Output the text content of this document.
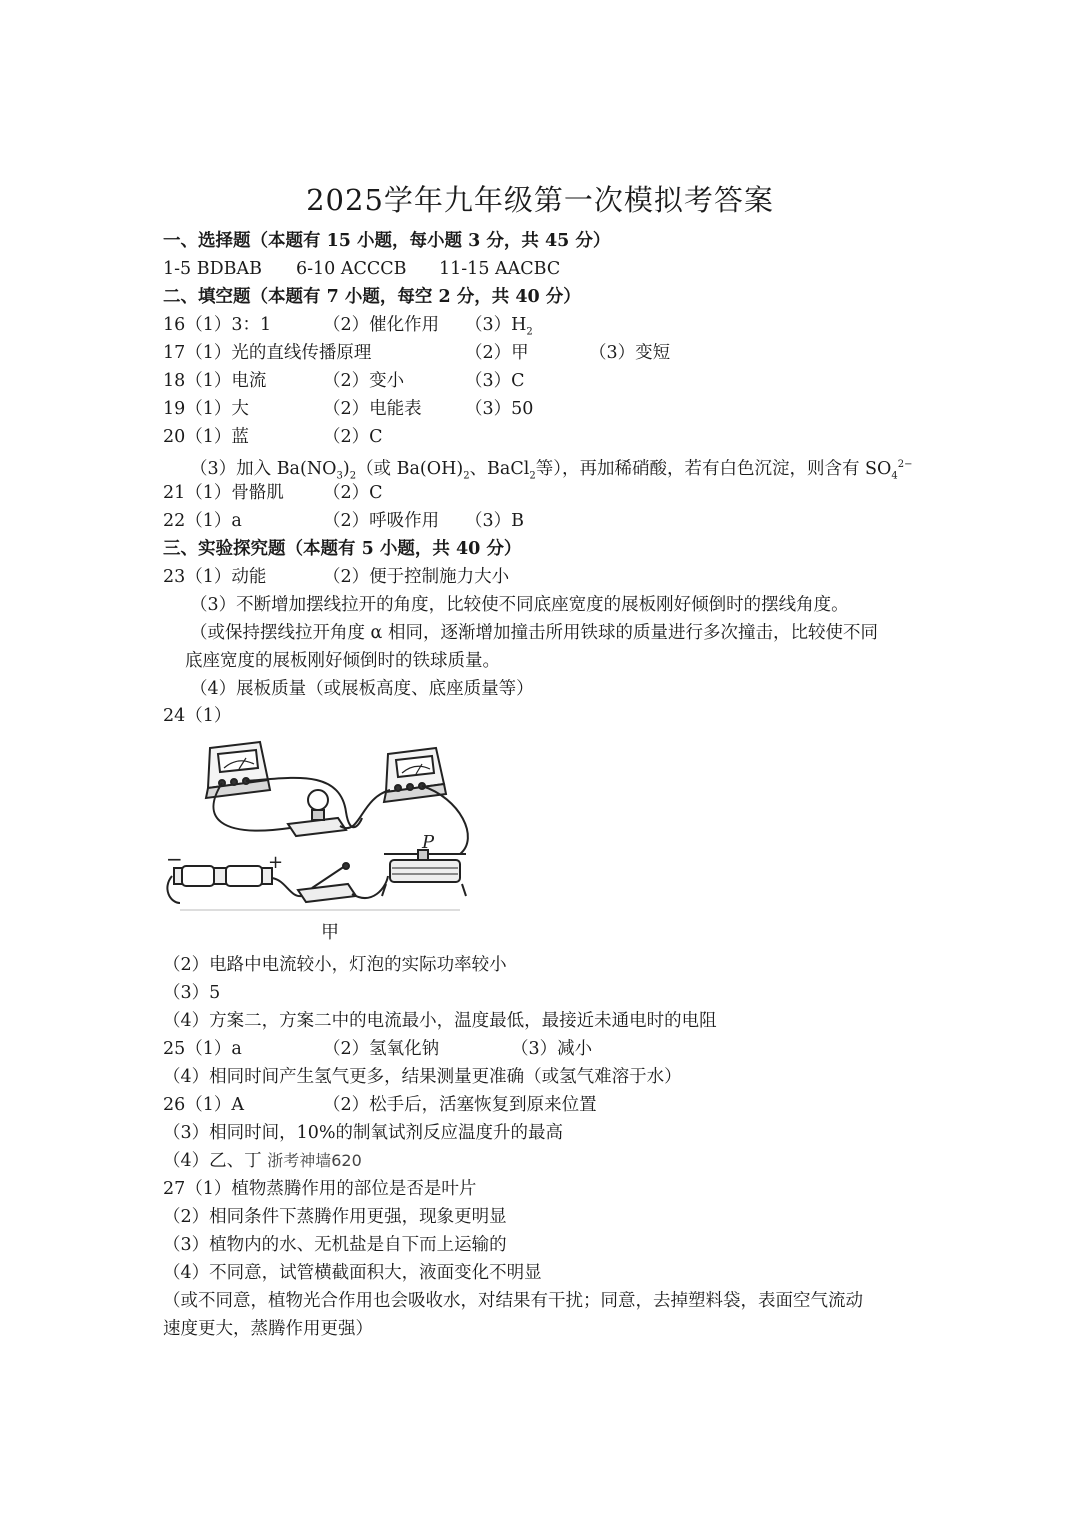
2025学年九年级第一次模拟考答案
一、选择题（本题有 15 小题，每小题 3 分，共 45 分）
1-5 BDBAB 6-10 ACCCB 11-15 AACBC
二、填空题（本题有 7 小题，每空 2 分，共 40 分）
16（1）3：1	（2）催化作用 $(3)H_2$
17（1）光的直线传播原理	（2）甲	（3）变短
18（1）电流	（2）变小	（3）C
19（1）大	（2）电能表 （3）50
20（1）蓝	（2）C
（3）加入 $Ba(NO_3)_2$（或 $Ba(OH)_2$、BaCl$_2$等），再加稀硝酸，若有白色沉淀，则含有 $SO_4^{2-}$
21（1）骨骼肌 （2）C
22（1）a	（2）呼吸作用 （3）B
三、实验探究题（本题有 5 小题，共 40 分）
23（1）动能	（2）便于控制施力大小
（3）不断增加摆线拉开的角度，比较使不同底座宽度的展板刚好倾倒时的摆线角度。
（或保持摆线拉开角度 α 相同，逐渐增加撞击所用铁球的质量进行多次撞击，比较使不同
底座宽度的展板刚好倾倒时的铁球质量。
（4）展板质量（或展板高度、底座质量等）
24（1）
−	+
P
甲
（2）电路中电流较小，灯泡的实际功率较小
（3）5
（4）方案二，方案二中的电流最小，温度最低，最接近未通电时的电阻
25（1）a	（2）氢氧化钠	（3）减小
（4）相同时间产生氢气更多，结果测量更准确（或氢气难溶于水）
26（1）A	（2）松手后，活塞恢复到原来位置
（3）相同时间，10%的制氧试剂反应温度升的最高
（4）乙、丁 浙考神墙620
27（1）植物蒸腾作用的部位是否是叶片
（2）相同条件下蒸腾作用更强，现象更明显
（3）植物内的水、无机盐是自下而上运输的
（4）不同意，试管横截面积大，液面变化不明显
（或不同意，植物光合作用也会吸收水，对结果有干扰；同意，去掉塑料袋，表面空气流动
速度更大，蒸腾作用更强）
